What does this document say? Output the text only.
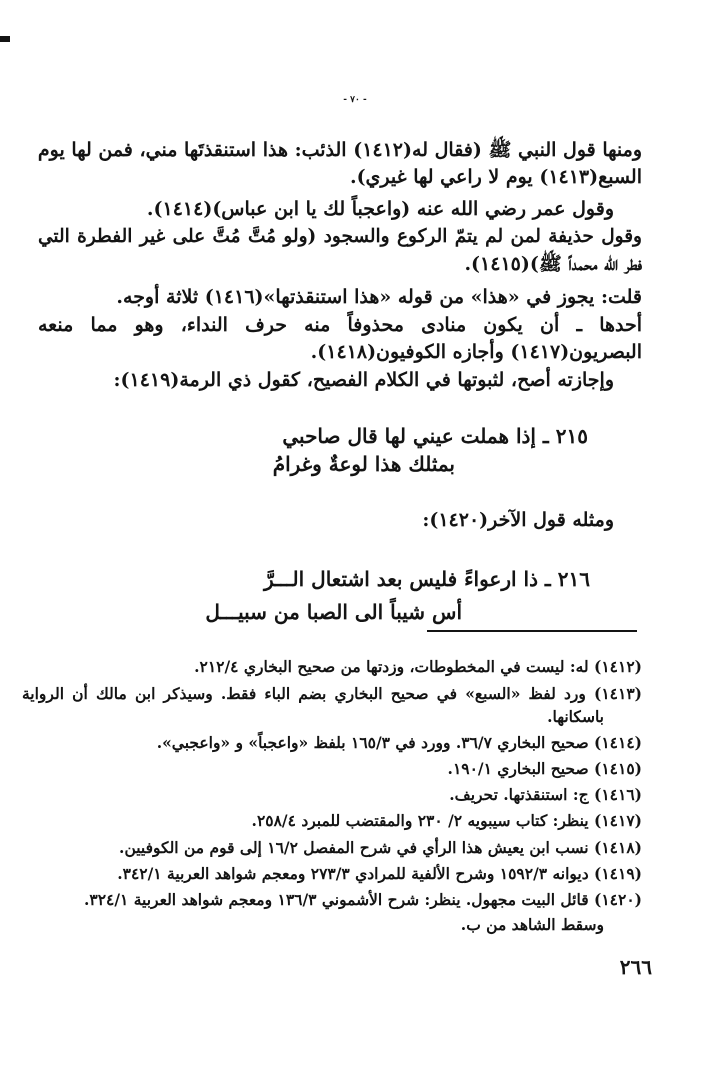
- ٧٠ -

ومنها قول النبي ﷺ (فقال له(١٤١٢) الذئب: هذا استنقذتَها مني، فمن لها يوم

السبع(١٤١٣) يوم لا راعي لها غيري).

وقول عمر رضي الله عنه (واعجباً لك يا ابن عباس)(١٤١٤).

وقول حذيفة لمن لم يتمّ الركوع والسجود (ولو مُتَّ مُتَّ على غير الفطرة التي

فطر الله محمداً ﷺ)(١٤١٥).

قلت: يجوز في «هذا» من قوله «هذا استنقذتها»(١٤١٦) ثلاثة أوجه.

أحدها ـ أن يكون منادى محذوفاً منه حرف النداء، وهو مما منعه

البصريون(١٤١٧) وأجازه الكوفيون(١٤١٨).

وإجازته أصح، لثبوتها في الكلام الفصيح، كقول ذي الرمة(١٤١٩):

٢١٥ ـ إذا هملت عيني لها قال صاحبي

بمثلك هذا لوعةٌ وغرامُ

ومثله قول الآخر(١٤٢٠):

٢١٦ ـ ذا ارعواءً فليس بعد اشتعال الـــرَّ

أس شيباً الى الصبا من سبيـــل

(١٤١٢) له: ليست في المخطوطات، وزدتها من صحيح البخاري ٢١٢/٤.

(١٤١٣) ورد لفظ «السبع» في صحيح البخاري بضم الباء فقط. وسيذكر ابن مالك أن الرواية

باسكانها.

(١٤١٤) صحيح البخاري ٣٦/٧. وورد في ١٦٥/٣ بلفظ «واعجباً» و «واعجبي».

(١٤١٥) صحيح البخاري ١٩٠/١.

(١٤١٦) ج: استنقذتها. تحريف.

(١٤١٧) ينظر: كتاب سيبويه ٢/ ٢٣٠ والمقتضب للمبرد ٢٥٨/٤.

(١٤١٨) نسب ابن يعيش هذا الرأي في شرح المفصل ١٦/٢ إلى قوم من الكوفيين.

(١٤١٩) ديوانه ١٥٩٢/٣ وشرح الألفية للمرادي ٢٧٣/٣ ومعجم شواهد العربية ٣٤٢/١.

(١٤٢٠) قائل البيت مجهول. ينظر: شرح الأشموني ١٣٦/٣ ومعجم شواهد العربية ٣٢٤/١.

وسقط الشاهد من ب.

٢٦٦
